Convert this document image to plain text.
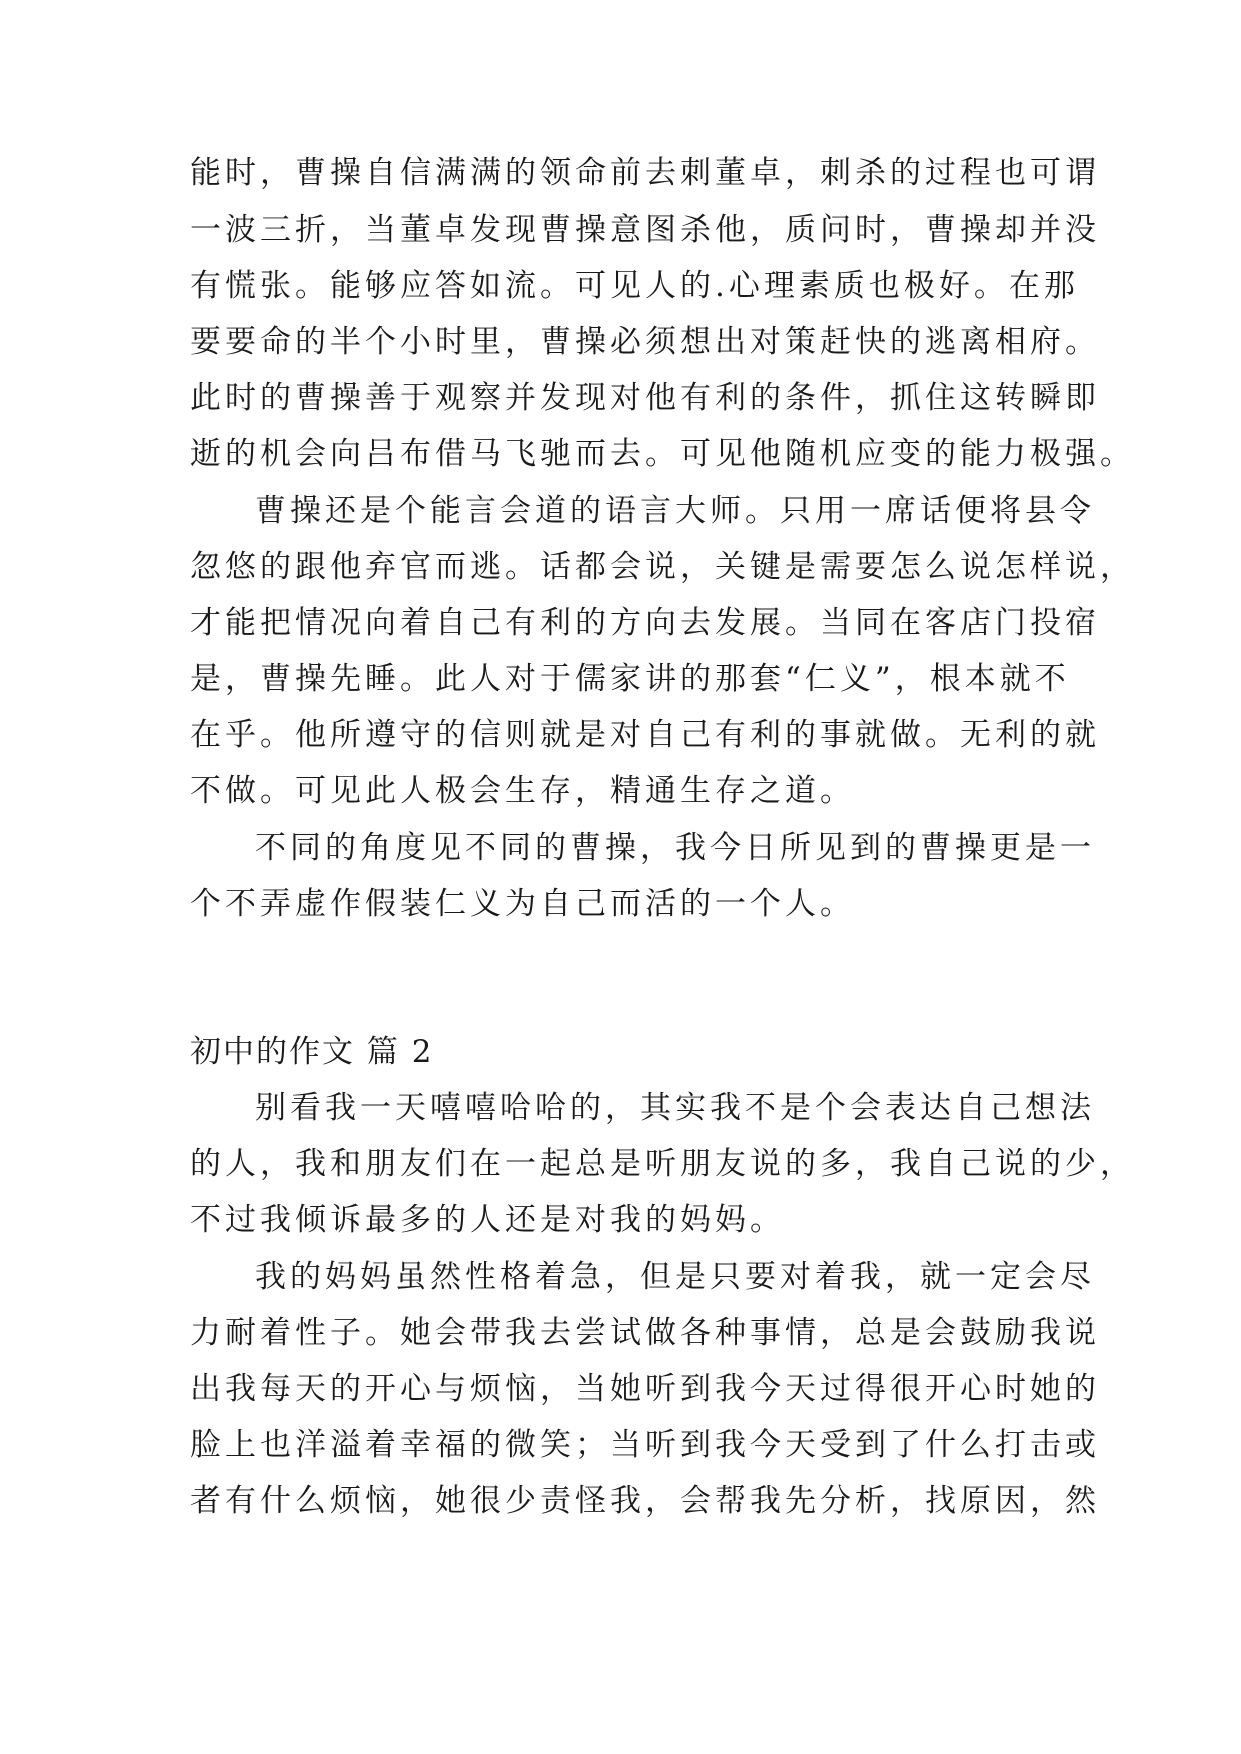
能时，曹操自信满满的领命前去刺董卓，刺杀的过程也可谓
一波三折，当董卓发现曹操意图杀他，质问时，曹操却并没
有慌张。能够应答如流。可见人的.心理素质也极好。在那
要要命的半个小时里，曹操必须想出对策赶快的逃离相府。
此时的曹操善于观察并发现对他有利的条件，抓住这转瞬即
逝的机会向吕布借马飞驰而去。可见他随机应变的能力极强。
曹操还是个能言会道的语言大师。只用一席话便将县令
忽悠的跟他弃官而逃。话都会说，关键是需要怎么说怎样说，
才能把情况向着自己有利的方向去发展。当同在客店门投宿
是，曹操先睡。此人对于儒家讲的那套“仁义”，根本就不
在乎。他所遵守的信则就是对自己有利的事就做。无利的就
不做。可见此人极会生存，精通生存之道。
不同的角度见不同的曹操，我今日所见到的曹操更是一
个不弄虚作假装仁义为自己而活的一个人。
初中的作文 篇 2
别看我一天嘻嘻哈哈的，其实我不是个会表达自己想法
的人，我和朋友们在一起总是听朋友说的多，我自己说的少，
不过我倾诉最多的人还是对我的妈妈。
我的妈妈虽然性格着急，但是只要对着我，就一定会尽
力耐着性子。她会带我去尝试做各种事情，总是会鼓励我说
出我每天的开心与烦恼，当她听到我今天过得很开心时她的
脸上也洋溢着幸福的微笑；当听到我今天受到了什么打击或
者有什么烦恼，她很少责怪我，会帮我先分析，找原因，然
